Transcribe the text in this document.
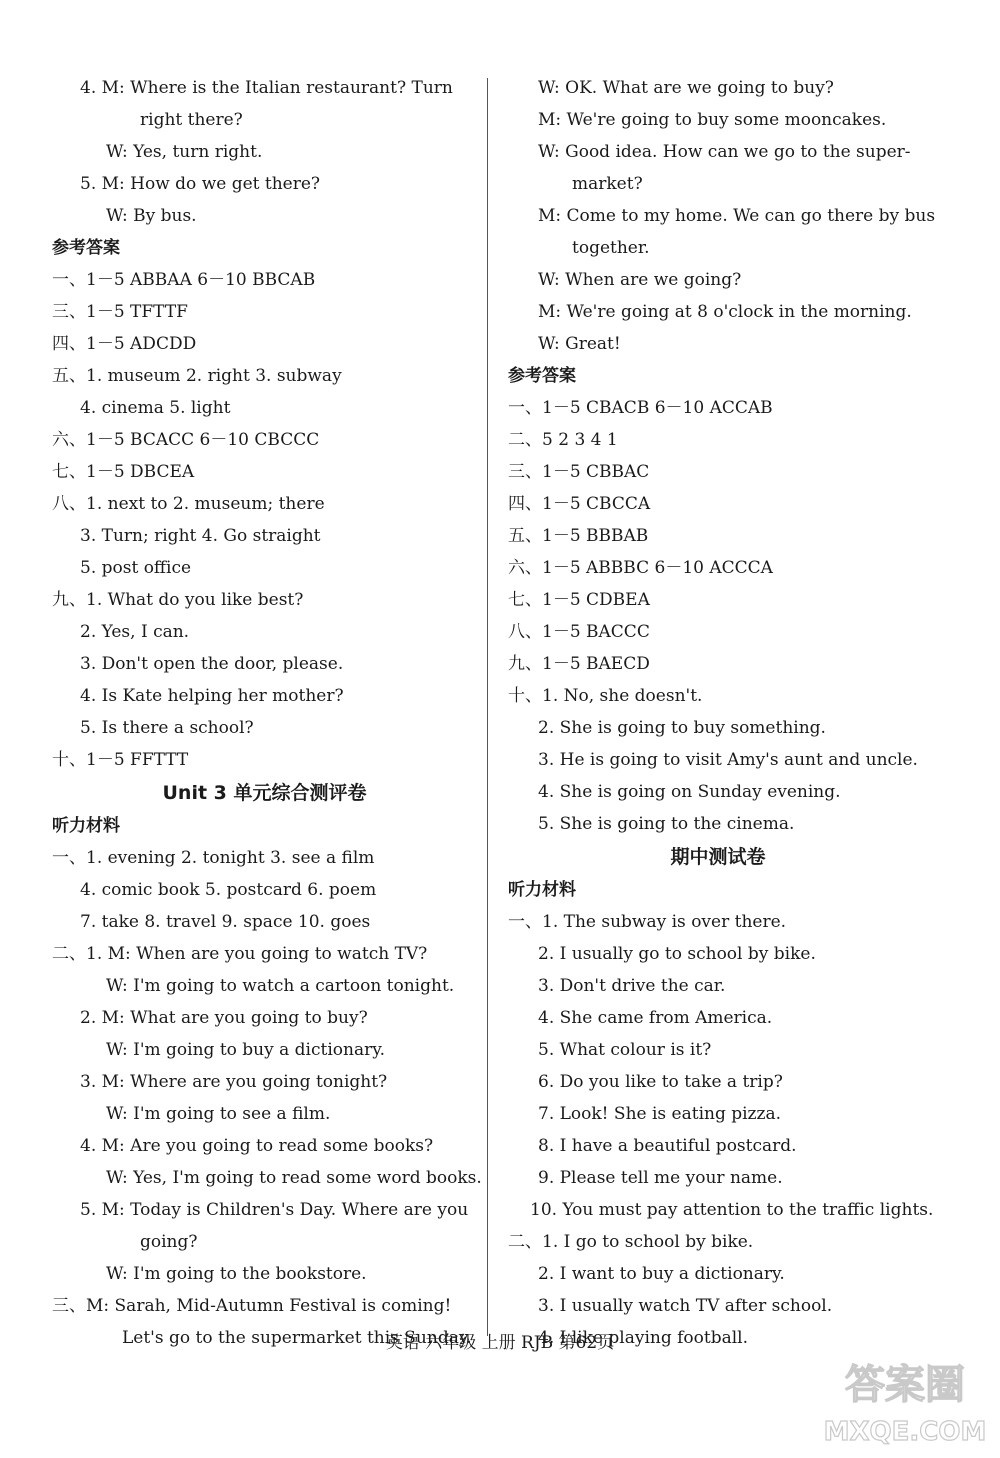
4. M: Where is the Italian restaurant? Turn
right there?
W: Yes, turn right.
5. M: How do we get there?
W: By bus.
参考答案
一、1－5 ABBAA 6－10 BBCAB
三、1－5 TFTTF
四、1－5 ADCDD
五、1. museum 2. right 3. subway
4. cinema 5. light
六、1－5 BCACC 6－10 CBCCC
七、1－5 DBCEA
八、1. next to 2. museum; there
3. Turn; right 4. Go straight
5. post office
九、1. What do you like best?
2. Yes, I can.
3. Don't open the door, please.
4. Is Kate helping her mother?
5. Is there a school?
十、1－5 FFTTT
Unit 3 单元综合测评卷
听力材料
一、1. evening 2. tonight 3. see a film
4. comic book 5. postcard 6. poem
7. take 8. travel 9. space 10. goes
二、1. M: When are you going to watch TV?
W: I'm going to watch a cartoon tonight.
2. M: What are you going to buy?
W: I'm going to buy a dictionary.
3. M: Where are you going tonight?
W: I'm going to see a film.
4. M: Are you going to read some books?
W: Yes, I'm going to read some word books.
5. M: Today is Children's Day. Where are you
going?
W: I'm going to the bookstore.
三、M: Sarah, Mid-Autumn Festival is coming!
Let's go to the supermarket this Sunday.
W: OK. What are we going to buy?
M: We're going to buy some mooncakes.
W: Good idea. How can we go to the super-
market?
M: Come to my home. We can go there by bus
together.
W: When are we going?
M: We're going at 8 o'clock in the morning.
W: Great!
参考答案
一、1－5 CBACB 6－10 ACCAB
二、5 2 3 4 1
三、1－5 CBBAC
四、1－5 CBCCA
五、1－5 BBBAB
六、1－5 ABBBC 6－10 ACCCA
七、1－5 CDBEA
八、1－5 BACCC
九、1－5 BAECD
十、1. No, she doesn't.
2. She is going to buy something.
3. He is going to visit Amy's aunt and uncle.
4. She is going on Sunday evening.
5. She is going to the cinema.
期中测试卷
听力材料
一、1. The subway is over there.
2. I usually go to school by bike.
3. Don't drive the car.
4. She came from America.
5. What colour is it?
6. Do you like to take a trip?
7. Look! She is eating pizza.
8. I have a beautiful postcard.
9. Please tell me your name.
10. You must pay attention to the traffic lights.
二、1. I go to school by bike.
2. I want to buy a dictionary.
3. I usually watch TV after school.
4. I like playing football.
英语 六年级 上册 RJB 第62页
答案圈
MXQE.COM
